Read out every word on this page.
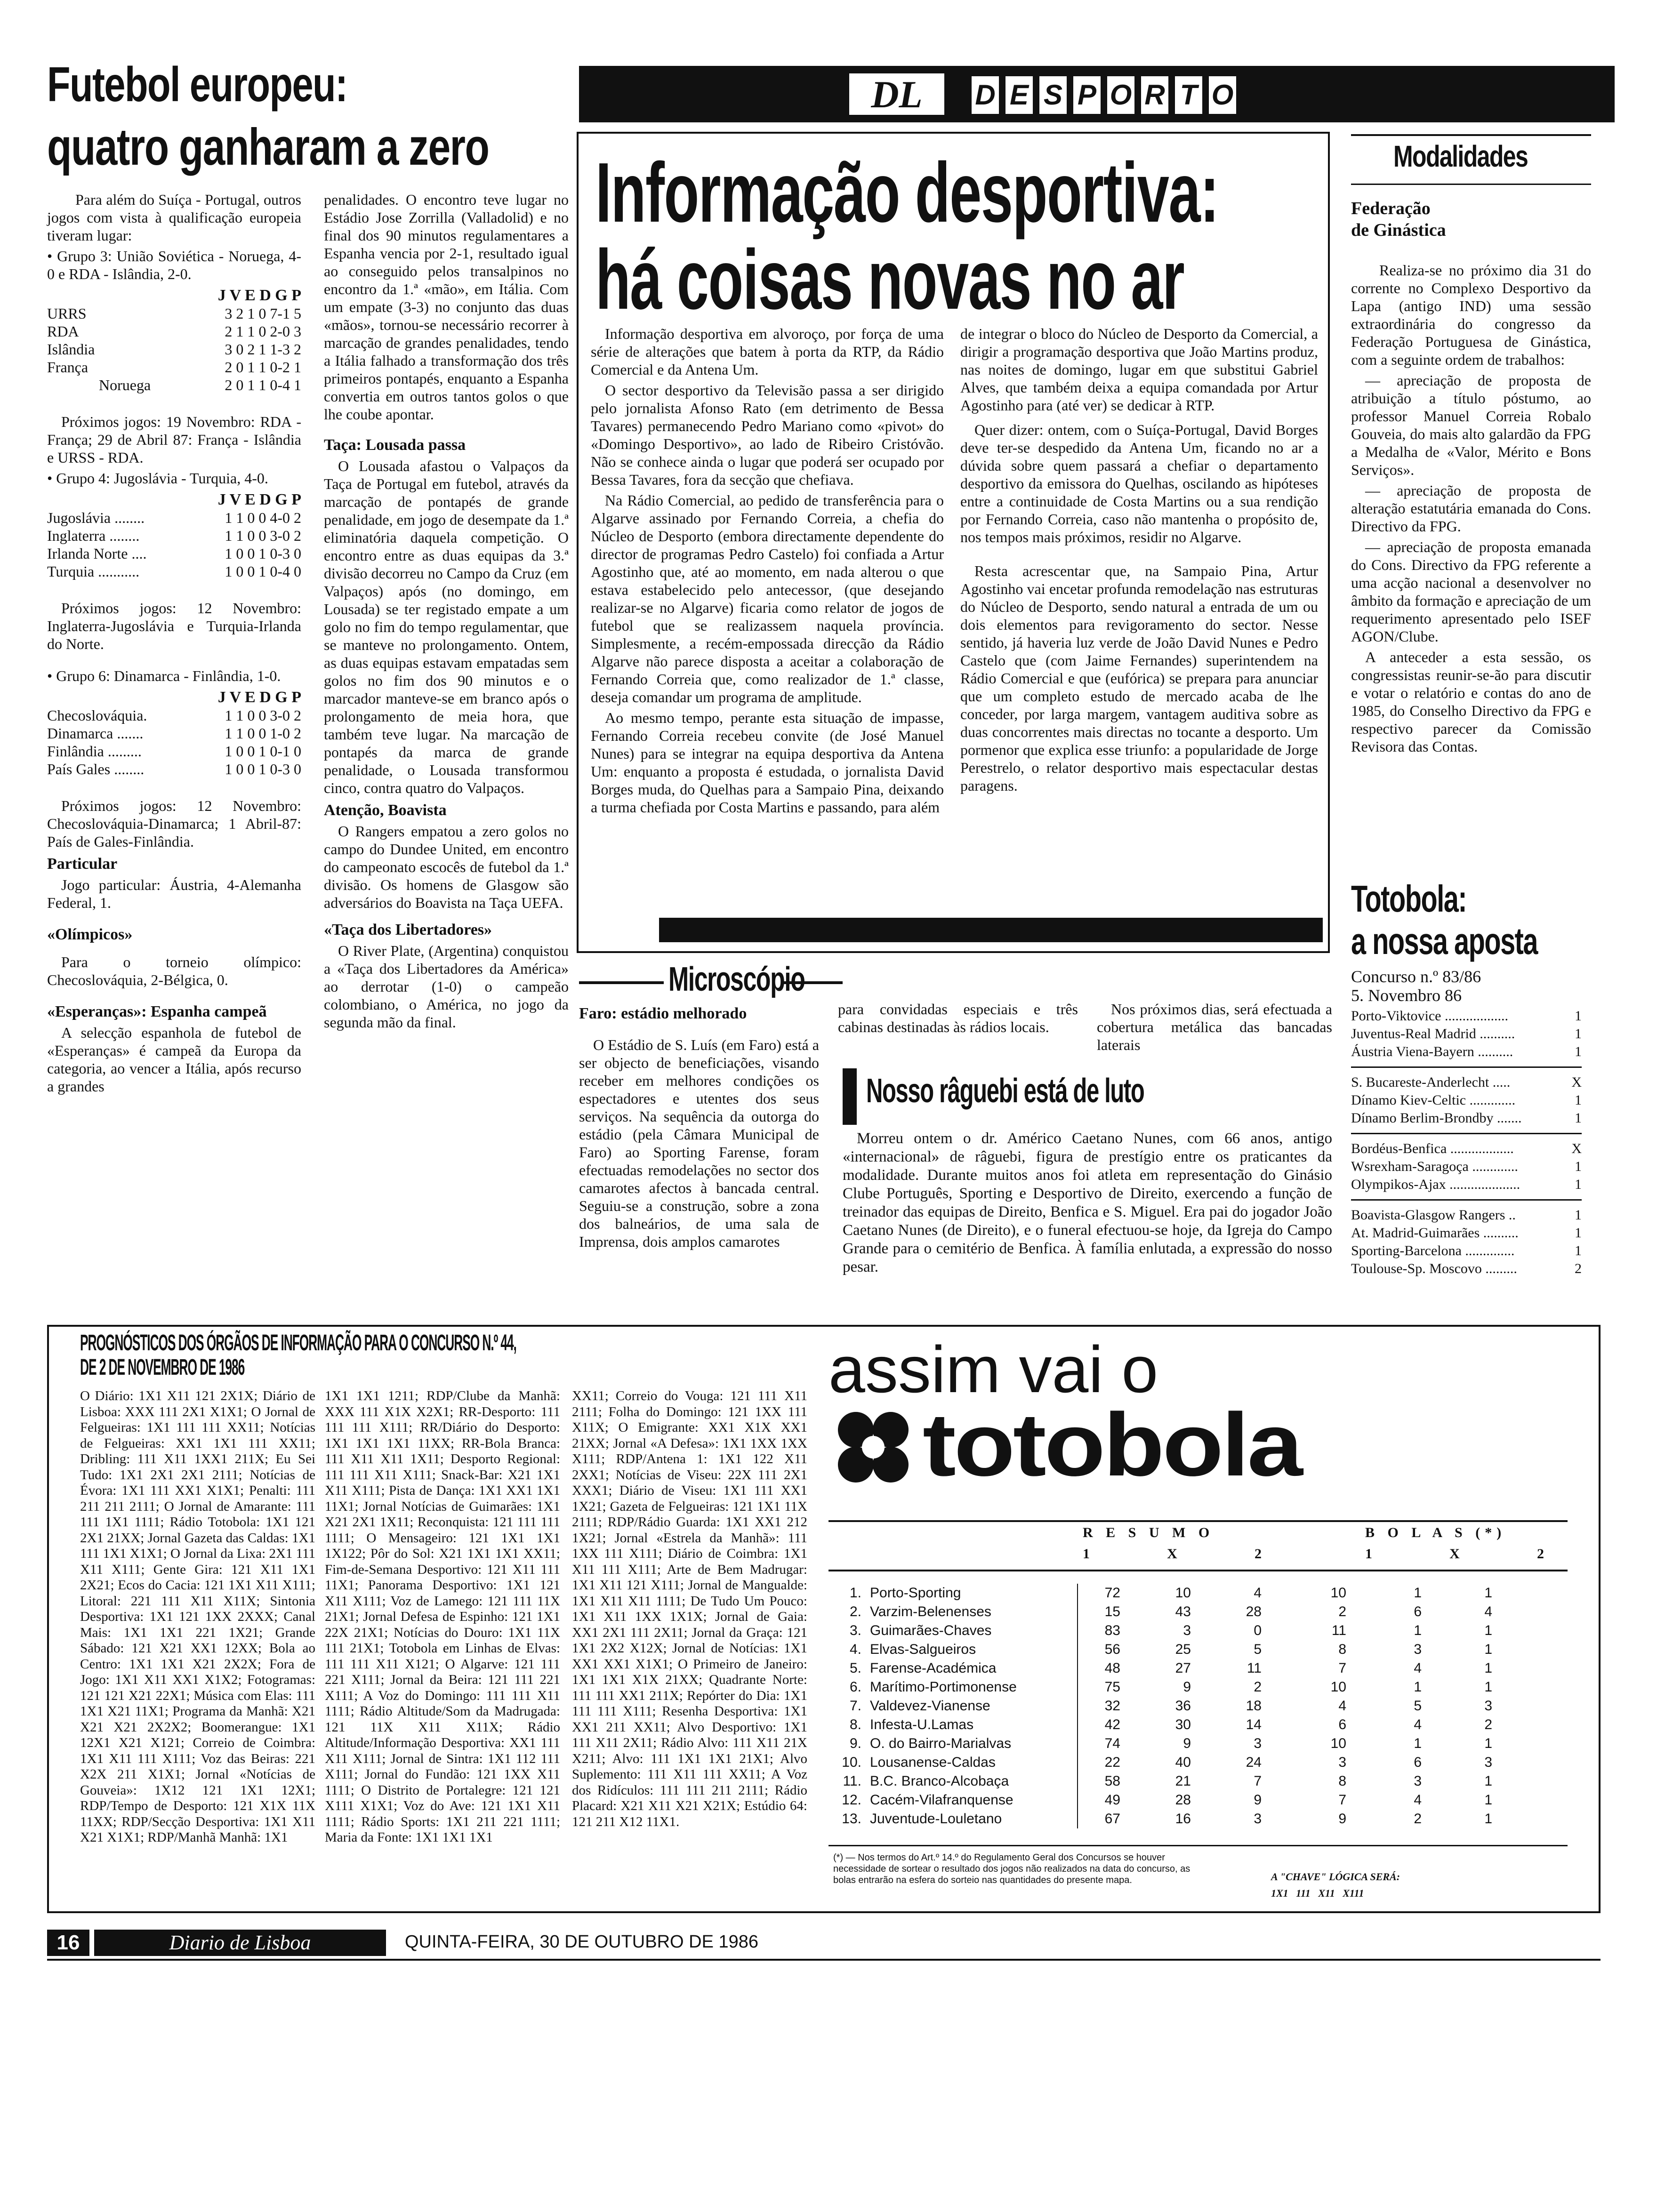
Futebol europeu:
quatro ganharam a zero

Para além do Suíça - Portugal, outros jogos com vista à qualificação europeia tiveram lugar:

• Grupo 3: União Soviética - Noruega, 4-0 e RDA - Islândia, 2-0.
J V E D G P
URRS	3 2 1 0 7-1 5
RDA	2 1 1 0 2-0 3
Islândia	3 0 2 1 1-3 2
França	2 0 1 1 0-2 1
Noruega	2 0 1 1 0-4 1

Próximos jogos: 19 Novembro: RDA - França; 29 de Abril 87: França - Islândia e URSS - RDA.

• Grupo 4: Jugoslávia - Turquia, 4-0.
J V E D G P
Jugoslávia ........	1 1 0 0 4-0 2
Inglaterra ........	1 1 0 0 3-0 2
Irlanda Norte ....	1 0 0 1 0-3 0
Turquia ...........	1 0 0 1 0-4 0

Próximos jogos: 12 Novembro: Inglaterra-Jugoslávia e Turquia-Irlanda do Norte.

• Grupo 6: Dinamarca - Finlândia, 1-0.
J V E D G P
Checoslováquia.	1 1 0 0 3-0 2
Dinamarca .......	1 1 0 0 1-0 2
Finlândia .........	1 0 0 1 0-1 0
País Gales ........	1 0 0 1 0-3 0

Próximos jogos: 12 Novembro: Checoslováquia-Dinamarca; 1 Abril-87: País de Gales-Finlândia.

Particular

Jogo particular: Áustria, 4-Alemanha Federal, 1.

«Olímpicos»

Para o torneio olímpico: Checoslováquia, 2-Bélgica, 0.

«Esperanças»: Espanha campeã

A selecção espanhola de futebol de «Esperanças» é campeã da Europa da categoria, ao vencer a Itália, após recurso a grandes

penalidades. O encontro teve lugar no Estádio Jose Zorrilla (Valladolid) e no final dos 90 minutos regulamentares a Espanha vencia por 2-1, resultado igual ao conseguido pelos transalpinos no encontro da 1.ª «mão», em Itália. Com um empate (3-3) no conjunto das duas «mãos», tornou-se necessário recorrer à marcação de grandes penalidades, tendo a Itália falhado a transformação dos três primeiros pontapés, enquanto a Espanha convertia em outros tantos golos o que lhe coube apontar.

Taça: Lousada passa

O Lousada afastou o Valpaços da Taça de Portugal em futebol, através da marcação de pontapés de grande penalidade, em jogo de desempate da 1.ª eliminatória daquela competição. O encontro entre as duas equipas da 3.ª divisão decorreu no Campo da Cruz (em Valpaços) após (no domingo, em Lousada) se ter registado empate a um golo no fim do tempo regulamentar, que se manteve no prolongamento. Ontem, as duas equipas estavam empatadas sem golos no fim dos 90 minutos e o marcador manteve-se em branco após o prolongamento de meia hora, que também teve lugar. Na marcação de pontapés da marca de grande penalidade, o Lousada transformou cinco, contra quatro do Valpaços.

Atenção, Boavista

O Rangers empatou a zero golos no campo do Dundee United, em encontro do campeonato escocês de futebol da 1.ª divisão. Os homens de Glasgow são adversários do Boavista na Taça UEFA.

«Taça dos Libertadores»

O River Plate, (Argentina) conquistou a «Taça dos Libertadores da América» ao derrotar (1-0) o campeão colombiano, o América, no jogo da segunda mão da final.

DL	D E S P O R T O
Informação desportiva:
há coisas novas no ar

Informação desportiva em alvoroço, por força de uma série de alterações que batem à porta da RTP, da Rádio Comercial e da Antena Um.

O sector desportivo da Televisão passa a ser dirigido pelo jornalista Afonso Rato (em detrimento de Bessa Tavares) permanecendo Pedro Mariano como «pivot» do «Domingo Desportivo», ao lado de Ribeiro Cristóvão. Não se conhece ainda o lugar que poderá ser ocupado por Bessa Tavares, fora da secção que chefiava.

Na Rádio Comercial, ao pedido de transferência para o Algarve assinado por Fernando Correia, a chefia do Núcleo de Desporto (embora directamente dependente do director de programas Pedro Castelo) foi confiada a Artur Agostinho que, até ao momento, em nada alterou o que estava estabelecido pelo antecessor, (que desejando realizar-se no Algarve) ficaria como relator de jogos de futebol que se realizassem naquela província. Simplesmente, a recém-empossada direcção da Rádio Algarve não parece disposta a aceitar a colaboração de Fernando Correia que, como realizador de 1.ª classe, deseja comandar um programa de amplitude.

Ao mesmo tempo, perante esta situação de impasse, Fernando Correia recebeu convite (de José Manuel Nunes) para se integrar na equipa desportiva da Antena Um: enquanto a proposta é estudada, o jornalista David Borges muda, do Quelhas para a Sampaio Pina, deixando a turma chefiada por Costa Martins e passando, para além

de integrar o bloco do Núcleo de Desporto da Comercial, a dirigir a programação desportiva que João Martins produz, nas noites de domingo, lugar em que substitui Gabriel Alves, que também deixa a equipa comandada por Artur Agostinho para (até ver) se dedicar à RTP.

Quer dizer: ontem, com o Suíça-Portugal, David Borges deve ter-se despedido da Antena Um, ficando no ar a dúvida sobre quem passará a chefiar o departamento desportivo da emissora do Quelhas, oscilando as hipóteses entre a continuidade de Costa Martins ou a sua rendição por Fernando Correia, caso não mantenha o propósito de, nos tempos mais próximos, residir no Algarve.

Resta acrescentar que, na Sampaio Pina, Artur Agostinho vai encetar profunda remodelação nas estruturas do Núcleo de Desporto, sendo natural a entrada de um ou dois elementos para revigoramento do sector. Nesse sentido, já haveria luz verde de João David Nunes e Pedro Castelo que (com Jaime Fernandes) superintendem na Rádio Comercial e que (eufórica) se prepara para anunciar que um completo estudo de mercado acaba de lhe conceder, por larga margem, vantagem auditiva sobre as duas concorrentes mais directas no tocante a desporto. Um pormenor que explica esse triunfo: a popularidade de Jorge Perestrelo, o relator desportivo mais espectacular destas paragens.

Microscópio
Faro: estádio melhorado

O Estádio de S. Luís (em Faro) está a ser objecto de beneficiações, visando receber em melhores condições os espectadores e utentes dos seus serviços. Na sequência da outorga do estádio (pela Câmara Municipal de Faro) ao Sporting Farense, foram efectuadas remodelações no sector dos camarotes afectos à bancada central. Seguiu-se a construção, sobre a zona dos balneários, de uma sala de Imprensa, dois amplos camarotes

para convidadas especiais e três cabinas destinadas às rádios locais.

Nos próximos dias, será efectuada a cobertura metálica das bancadas laterais

Nosso râguebi está de luto

Morreu ontem o dr. Américo Caetano Nunes, com 66 anos, antigo «internacional» de râguebi, figura de prestígio entre os praticantes da modalidade. Durante muitos anos foi atleta em representação do Ginásio Clube Português, Sporting e Desportivo de Direito, exercendo a função de treinador das equipas de Direito, Benfica e S. Miguel. Era pai do jogador João Caetano Nunes (de Direito), e o funeral efectuou-se hoje, da Igreja do Campo Grande para o cemitério de Benfica. À família enlutada, a expressão do nosso pesar.

Modalidades
Federação
de Ginástica

Realiza-se no próximo dia 31 do corrente no Complexo Desportivo da Lapa (antigo IND) uma sessão extraordinária do congresso da Federação Portuguesa de Ginástica, com a seguinte ordem de trabalhos:

— apreciação de proposta de atribuição a título póstumo, ao professor Manuel Correia Robalo Gouveia, do mais alto galardão da FPG a Medalha de «Valor, Mérito e Bons Serviços».

— apreciação de proposta de alteração estatutária emanada do Cons. Directivo da FPG.

— apreciação de proposta emanada do Cons. Directivo da FPG referente a uma acção nacional a desenvolver no âmbito da formação e apreciação de um requerimento apresentado pelo ISEF AGON/Clube.

A anteceder a esta sessão, os congressistas reunir-se-ão para discutir e votar o relatório e contas do ano de 1985, do Conselho Directivo da FPG e respectivo parecer da Comissão Revisora das Contas.

Totobola:
a nossa aposta
Concurso n.º 83/86
5. Novembro 86
Porto-Viktovice ..................	1
Juventus-Real Madrid ..........	1
Áustria Viena-Bayern ..........	1
S. Bucareste-Anderlecht .....	X
Dínamo Kiev-Celtic .............	1
Dínamo Berlim-Brondby .......	1
Bordéus-Benfica ..................	X
Wsrexham-Saragoça .............	1
Olympikos-Ajax ....................	1
Boavista-Glasgow Rangers ..	1
At. Madrid-Guimarães ..........	1
Sporting-Barcelona ..............	1
Toulouse-Sp. Moscovo .........	2
PROGNÓSTICOS DOS ÓRGÃOS DE INFORMAÇÃO PARA O CONCURSO N.º 44,
DE 2 DE NOVEMBRO DE 1986
O Diário: 1X1 X11 121 2X1X; Diário de Lisboa: XXX 111 2X1 X1X1; O Jornal de Felgueiras: 1X1 111 111 XX11; Notícias de Felgueiras: XX1 1X1 111 XX11; Dribling: 111 X11 1XX1 211X; Eu Sei Tudo: 1X1 2X1 2X1 2111; Notícias de Évora: 1X1 111 XX1 X1X1; Penalti: 111 211 211 2111; O Jornal de Amarante: 111 111 1X1 1111; Rádio Totobola: 1X1 121 2X1 21XX; Jornal Gazeta das Caldas: 1X1 111 1X1 X1X1; O Jornal da Lixa: 2X1 111 X11 X111; Gente Gira: 121 X11 1X1 2X21; Ecos do Cacia: 121 1X1 X11 X111; Litoral: 221 111 X11 X11X; Sintonia Desportiva: 1X1 121 1XX 2XXX; Canal Mais: 1X1 1X1 221 1X21; Grande Sábado: 121 X21 XX1 12XX; Bola ao Centro: 1X1 1X1 X21 2X2X; Fora de Jogo: 1X1 X11 XX1 X1X2; Fotogramas: 121 121 X21 22X1; Música com Elas: 111 1X1 X21 11X1; Programa da Manhã: X21 X21 X21 2X2X2; Boomerangue: 1X1 12X1 X21 X121; Correio de Coimbra: 1X1 X11 111 X111; Voz das Beiras: 221 X2X 211 X1X1; Jornal «Notícias de Gouveia»: 1X12 121 1X1 12X1; RDP/Tempo de Desporto: 121 X1X 11X 11XX; RDP/Secção Desportiva: 1X1 X11 X21 X1X1; RDP/Manhã Manhã: 1X1
1X1 1X1 1211; RDP/Clube da Manhã: XXX 111 X1X X2X1; RR-Desporto: 111 111 111 X111; RR/Diário do Desporto: 1X1 1X1 1X1 11XX; RR-Bola Branca: 111 X11 X11 1X11; Desporto Regional: 111 111 X11 X111; Snack-Bar: X21 1X1 X11 X111; Pista de Dança: 1X1 XX1 1X1 11X1; Jornal Notícias de Guimarães: 1X1 X21 2X1 1X11; Reconquista: 121 111 111 1111; O Mensageiro: 121 1X1 1X1 1X122; Pôr do Sol: X21 1X1 1X1 XX11; Fim-de-Semana Desportivo: 121 X11 111 11X1; Panorama Desportivo: 1X1 121 X11 X111; Voz de Lamego: 121 111 11X 21X1; Jornal Defesa de Espinho: 121 1X1 22X 21X1; Notícias do Douro: 1X1 11X 111 21X1; Totobola em Linhas de Elvas: 111 111 X11 X121; O Algarve: 121 111 221 X111; Jornal da Beira: 121 111 221 X111; A Voz do Domingo: 111 111 X11 1111; Rádio Altitude/Som da Madrugada: 121 11X X11 X11X; Rádio Altitude/Informação Desportiva: XX1 111 X11 X111; Jornal de Sintra: 1X1 112 111 X111; Jornal do Fundão: 121 1XX X11 1111; O Distrito de Portalegre: 121 121 X111 X1X1; Voz do Ave: 121 1X1 X11 1111; Rádio Sports: 1X1 211 221 1111; Maria da Fonte: 1X1 1X1 1X1
XX11; Correio do Vouga: 121 111 X11 2111; Folha do Domingo: 121 1XX 111 X11X; O Emigrante: XX1 X1X XX1 21XX; Jornal «A Defesa»: 1X1 1XX 1XX X111; RDP/Antena 1: 1X1 122 X11 2XX1; Notícias de Viseu: 22X 111 2X1 XXX1; Diário de Viseu: 1X1 111 XX1 1X21; Gazeta de Felgueiras: 121 1X1 11X 2111; RDP/Rádio Guarda: 1X1 XX1 212 1X21; Jornal «Estrela da Manhã»: 111 1XX 111 X111; Diário de Coimbra: 1X1 X11 111 X111; Arte de Bem Madrugar: 1X1 X11 121 X111; Jornal de Mangualde: 1X1 X11 X11 1111; De Tudo Um Pouco: 1X1 X11 1XX 1X1X; Jornal de Gaia: XX1 2X1 111 2X11; Jornal da Graça: 121 1X1 2X2 X12X; Jornal de Notícias: 1X1 XX1 XX1 X1X1; O Primeiro de Janeiro: 1X1 1X1 X1X 21XX; Quadrante Norte: 111 111 XX1 211X; Repórter do Dia: 1X1 111 111 X111; Resenha Desportiva: 1X1 XX1 211 XX11; Alvo Desportivo: 1X1 111 X11 2X11; Rádio Alvo: 111 X11 21X X211; Alvo: 111 1X1 1X1 21X1; Alvo Suplemento: 111 X11 111 XX11; A Voz dos Ridículos: 111 111 211 2111; Rádio Placard: X21 X11 X21 X21X; Estúdio 64: 121 211 X12 11X1.
assim vai o
totobola
R E S U M O	B O L A S (*)
1	X	2	1	X	2
1. Porto-Sporting	72	10	4	10	1	1
2. Varzim-Belenenses	15	43	28	2	6	4
3. Guimarães-Chaves	83	3	0	11	1	1
4. Elvas-Salgueiros	56	25	5	8	3	1
5. Farense-Académica	48	27	11	7	4	1
6. Marítimo-Portimonense	75	9	2	10	1	1
7. Valdevez-Vianense	32	36	18	4	5	3
8. Infesta-U.Lamas	42	30	14	6	4	2
9. O. do Bairro-Marialvas	74	9	3	10	1	1
10. Lousanense-Caldas	22	40	24	3	6	3
11. B.C. Branco-Alcobaça	58	21	7	8	3	1
12. Cacém-Vilafranquense	49	28	9	7	4	1
13. Juventude-Louletano	67	16	3	9	2	1
(*) — Nos termos do Art.º 14.º do Regulamento Geral dos Concursos se houver necessidade de sortear o resultado dos jogos não realizados na data do concurso, as bolas entrarão na esfera do sorteio nas quantidades do presente mapa.	A "CHAVE" LÓGICA SERÁ:
1X1   111   X11   X111
16	Diario de Lisboa	QUINTA-FEIRA, 30 DE OUTUBRO DE 1986
